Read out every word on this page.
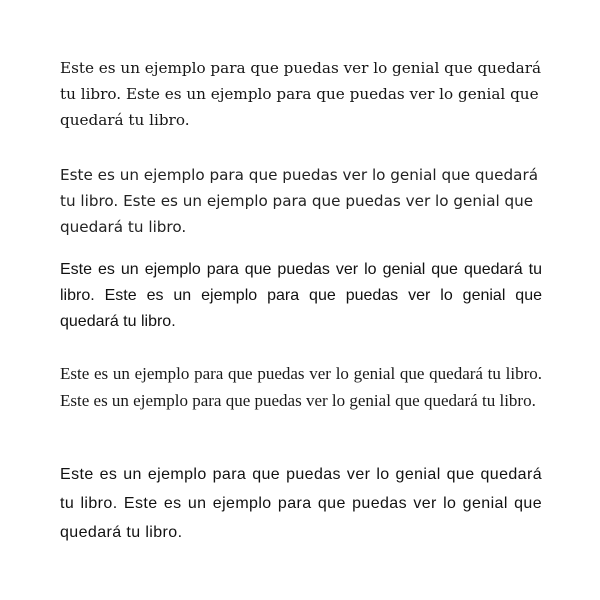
Este es un ejemplo para que puedas ver lo genial que quedará tu libro. Este es un ejemplo para que puedas ver lo genial que quedará tu libro.

Este es un ejemplo para que puedas ver lo genial que quedará tu libro. Este es un ejemplo para que puedas ver lo genial que quedará tu libro.

Este es un ejemplo para que puedas ver lo genial que quedará tu libro. Este es un ejemplo para que puedas ver lo genial que quedará tu libro.

Este es un ejemplo para que puedas ver lo genial que quedará tu libro. Este es un ejemplo para que puedas ver lo genial que quedará tu libro.

Este es un ejemplo para que puedas ver lo genial que quedará tu libro. Este es un ejemplo para que puedas ver lo genial que quedará tu libro.
